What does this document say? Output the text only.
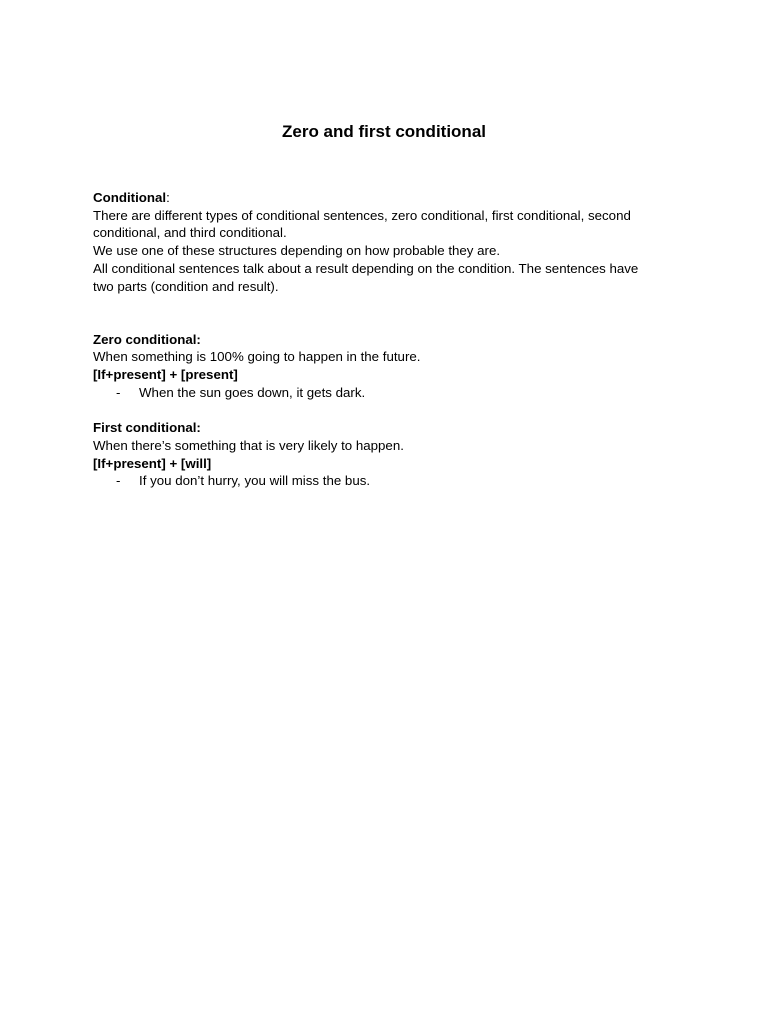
Zero and first conditional
Conditional:
There are different types of conditional sentences, zero conditional, first conditional, second
conditional, and third conditional.
We use one of these structures depending on how probable they are.
All conditional sentences talk about a result depending on the condition. The sentences have
two parts (condition and result).
Zero conditional:
When something is 100% going to happen in the future.
[If+present] + [present]
- When the sun goes down, it gets dark.
First conditional:
When there’s something that is very likely to happen.
[If+present] + [will]
- If you don’t hurry, you will miss the bus.
